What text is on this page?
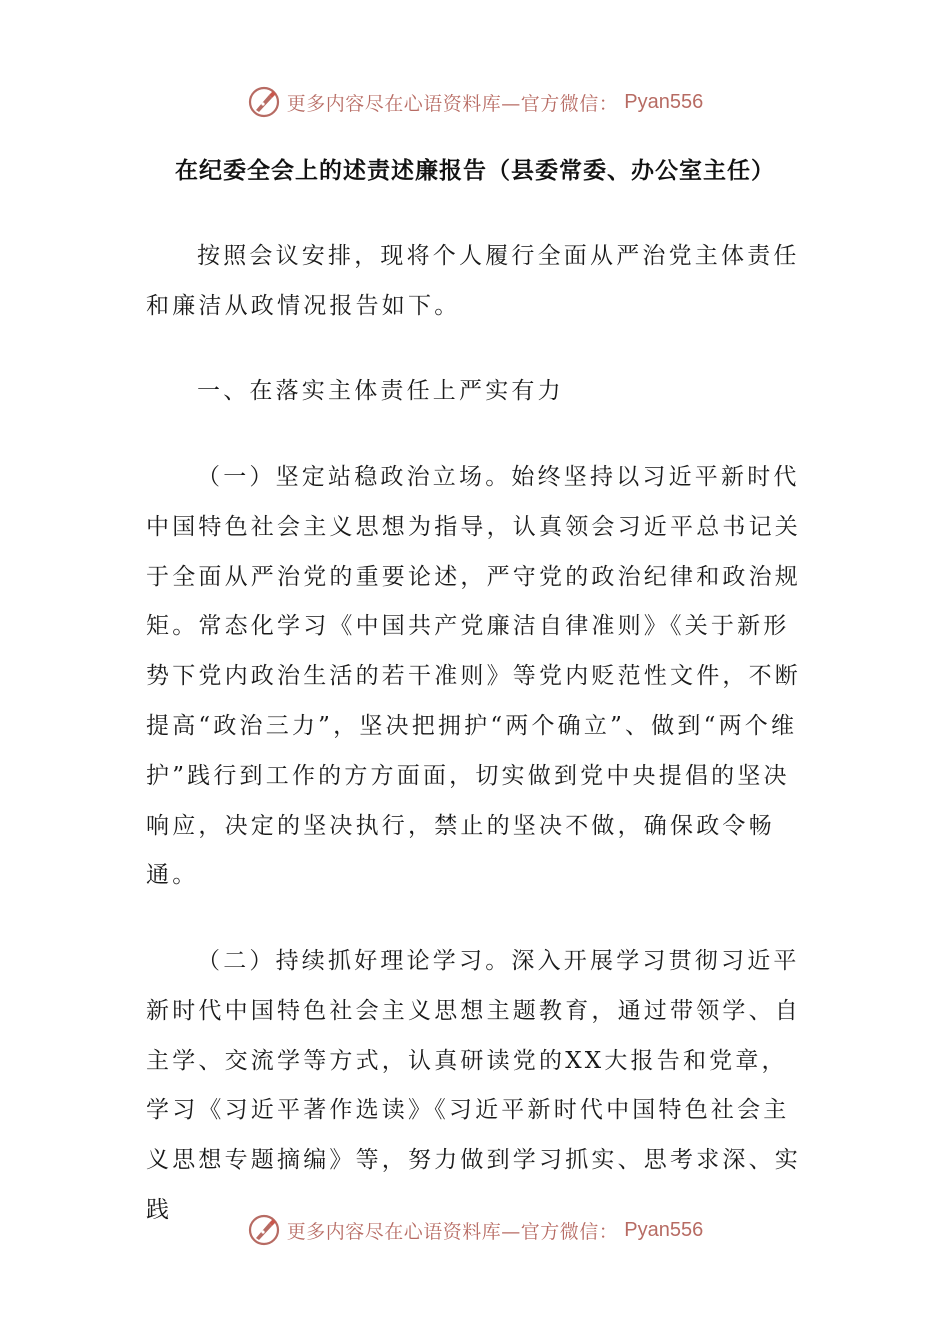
更多内容尽在心语资料库—官方微信： Pyan556
在纪委全会上的述责述廉报告（县委常委、办公室主任）

按照会议安排，现将个人履行全面从严治党主体责任和廉洁从政情况报告如下。

一、在落实主体责任上严实有力

（一）坚定站稳政治立场。始终坚持以习近平新时代中国特色社会主义思想为指导，认真领会习近平总书记关于全面从严治党的重要论述，严守党的政治纪律和政治规矩。常态化学习《中国共产党廉洁自律准则》《关于新形势下党内政治生活的若干准则》等党内贬范性文件，不断提高“政治三力”，坚决把拥护“两个确立”、做到“两个维护”践行到工作的方方面面，切实做到党中央提倡的坚决响应，决定的坚决执行，禁止的坚决不做，确保政令畅通。

（二）持续抓好理论学习。深入开展学习贯彻习近平新时代中国特色社会主义思想主题教育，通过带领学、自主学、交流学等方式，认真研读党的XX大报告和党章，学习《习近平著作选读》《习近平新时代中国特色社会主义思想专题摘编》等，努力做到学习抓实、思考求深、实践

更多内容尽在心语资料库—官方微信： Pyan556
